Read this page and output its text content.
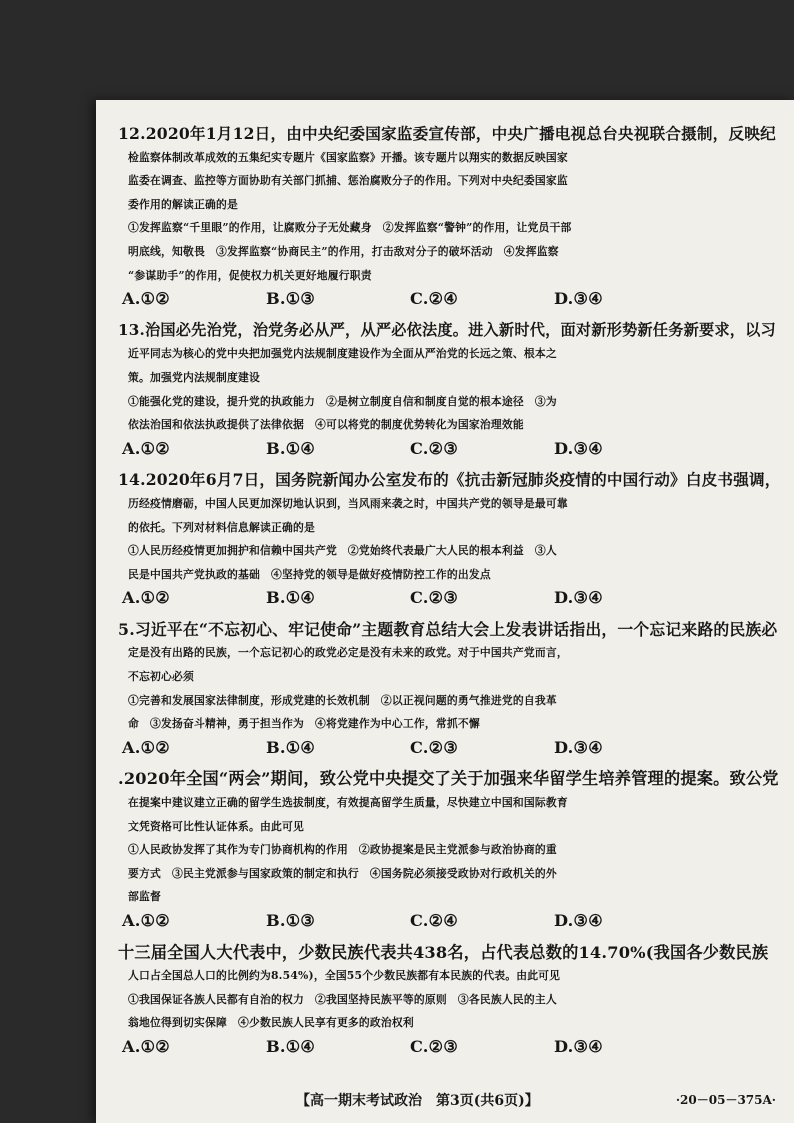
12.2020年1月12日，由中央纪委国家监委宣传部，中央广播电视总台央视联合摄制，反映纪
检监察体制改革成效的五集纪实专题片《国家监察》开播。该专题片以翔实的数据反映国家
监委在调查、监控等方面协助有关部门抓捕、惩治腐败分子的作用。下列对中央纪委国家监
委作用的解读正确的是
①发挥监察“千里眼”的作用，让腐败分子无处藏身　②发挥监察“警钟”的作用，让党员干部
明底线，知敬畏　③发挥监察“协商民主”的作用，打击敌对分子的破坏活动　④发挥监察
“参谋助手”的作用，促使权力机关更好地履行职责
A.①②	B.①③	C.②④	D.③④
13.治国必先治党，治党务必从严，从严必依法度。进入新时代，面对新形势新任务新要求，以习
近平同志为核心的党中央把加强党内法规制度建设作为全面从严治党的长远之策、根本之
策。加强党内法规制度建设
①能强化党的建设，提升党的执政能力　②是树立制度自信和制度自觉的根本途径　③为
依法治国和依法执政提供了法律依据　④可以将党的制度优势转化为国家治理效能
A.①②	B.①④	C.②③	D.③④
14.2020年6月7日，国务院新闻办公室发布的《抗击新冠肺炎疫情的中国行动》白皮书强调，
历经疫情磨砺，中国人民更加深切地认识到，当风雨来袭之时，中国共产党的领导是最可靠
的依托。下列对材料信息解读正确的是
①人民历经疫情更加拥护和信赖中国共产党　②党始终代表最广大人民的根本利益　③人
民是中国共产党执政的基础　④坚持党的领导是做好疫情防控工作的出发点
A.①②	B.①④	C.②③	D.③④
5.习近平在“不忘初心、牢记使命”主题教育总结大会上发表讲话指出，一个忘记来路的民族必
定是没有出路的民族，一个忘记初心的政党必定是没有未来的政党。对于中国共产党而言，
不忘初心必须
①完善和发展国家法律制度，形成党建的长效机制　②以正视问题的勇气推进党的自我革
命　③发扬奋斗精神，勇于担当作为　④将党建作为中心工作，常抓不懈
A.①②	B.①④	C.②③	D.③④
.2020年全国“两会”期间，致公党中央提交了关于加强来华留学生培养管理的提案。致公党
在提案中建议建立正确的留学生选拔制度，有效提高留学生质量，尽快建立中国和国际教育
文凭资格可比性认证体系。由此可见
①人民政协发挥了其作为专门协商机构的作用　②政协提案是民主党派参与政治协商的重
要方式　③民主党派参与国家政策的制定和执行　④国务院必须接受政协对行政机关的外
部监督
A.①②	B.①③	C.②④	D.③④
十三届全国人大代表中，少数民族代表共438名，占代表总数的14.70%(我国各少数民族
人口占全国总人口的比例约为8.54%)，全国55个少数民族都有本民族的代表。由此可见
①我国保证各族人民都有自治的权力　②我国坚持民族平等的原则　③各民族人民的主人
翁地位得到切实保障　④少数民族人民享有更多的政治权利
A.①②	B.①④	C.②③	D.③④
【高一期末考试政治　第3页(共6页)】	·20－05－375A·
